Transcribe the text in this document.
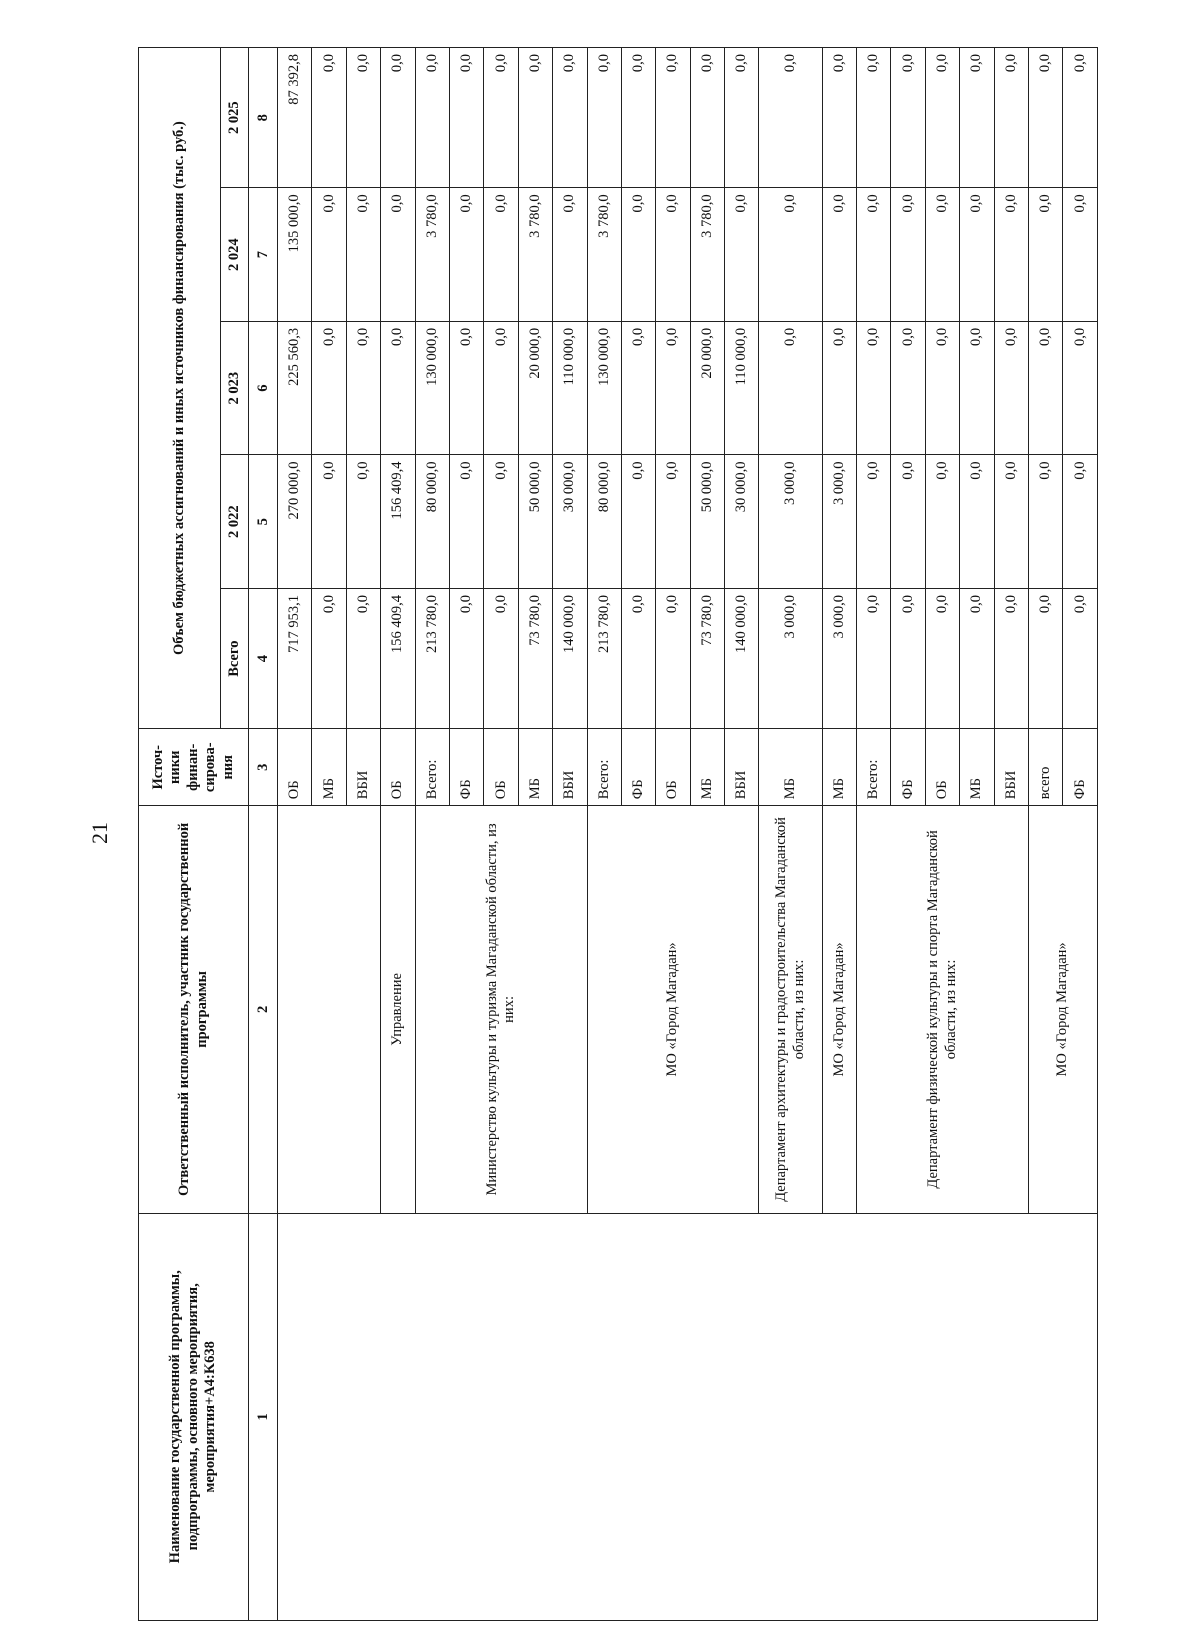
21
Наименование государственной программы, подпрограммы, основного мероприятия, мероприятия+A4:K638	Ответственный исполнитель, участник государственной программы	Источ-ники финан-сирова-ния	Объем бюджетных ассигнований и иных источников финансирования (тыс. руб.)				
			Всего	2 022	2 023	2 024	2 025
1	2	3	4	5	6	7	8
		ОБ	717 953,1	270 000,0	225 560,3	135 000,0	87 392,8
		МБ	0,0	0,0	0,0	0,0	0,0
		ВБИ	0,0	0,0	0,0	0,0	0,0
	Управление	ОБ	156 409,4	156 409,4	0,0	0,0	0,0
	Министерство культуры и туризма Магаданской области, из них:	Всего:	213 780,0	80 000,0	130 000,0	3 780,0	0,0
		ФБ	0,0	0,0	0,0	0,0	0,0
		ОБ	0,0	0,0	0,0	0,0	0,0
		МБ	73 780,0	50 000,0	20 000,0	3 780,0	0,0
		ВБИ	140 000,0	30 000,0	110 000,0	0,0	0,0
	МО «Город Магадан»	Всего:	213 780,0	80 000,0	130 000,0	3 780,0	0,0
		ФБ	0,0	0,0	0,0	0,0	0,0
		ОБ	0,0	0,0	0,0	0,0	0,0
		МБ	73 780,0	50 000,0	20 000,0	3 780,0	0,0
		ВБИ	140 000,0	30 000,0	110 000,0	0,0	0,0
	Департамент архитектуры и градостроительства Магаданской области, из них:	МБ	3 000,0	3 000,0	0,0	0,0	0,0
	МО «Город Магадан»	МБ	3 000,0	3 000,0	0,0	0,0	0,0
	Департамент физической культуры и спорта Магаданской области, из них:	Всего:	0,0	0,0	0,0	0,0	0,0
		ФБ	0,0	0,0	0,0	0,0	0,0
		ОБ	0,0	0,0	0,0	0,0	0,0
		МБ	0,0	0,0	0,0	0,0	0,0
		ВБИ	0,0	0,0	0,0	0,0	0,0
	МО «Город Магадан»	всего	0,0	0,0	0,0	0,0	0,0
		ФБ	0,0	0,0	0,0	0,0	0,0
